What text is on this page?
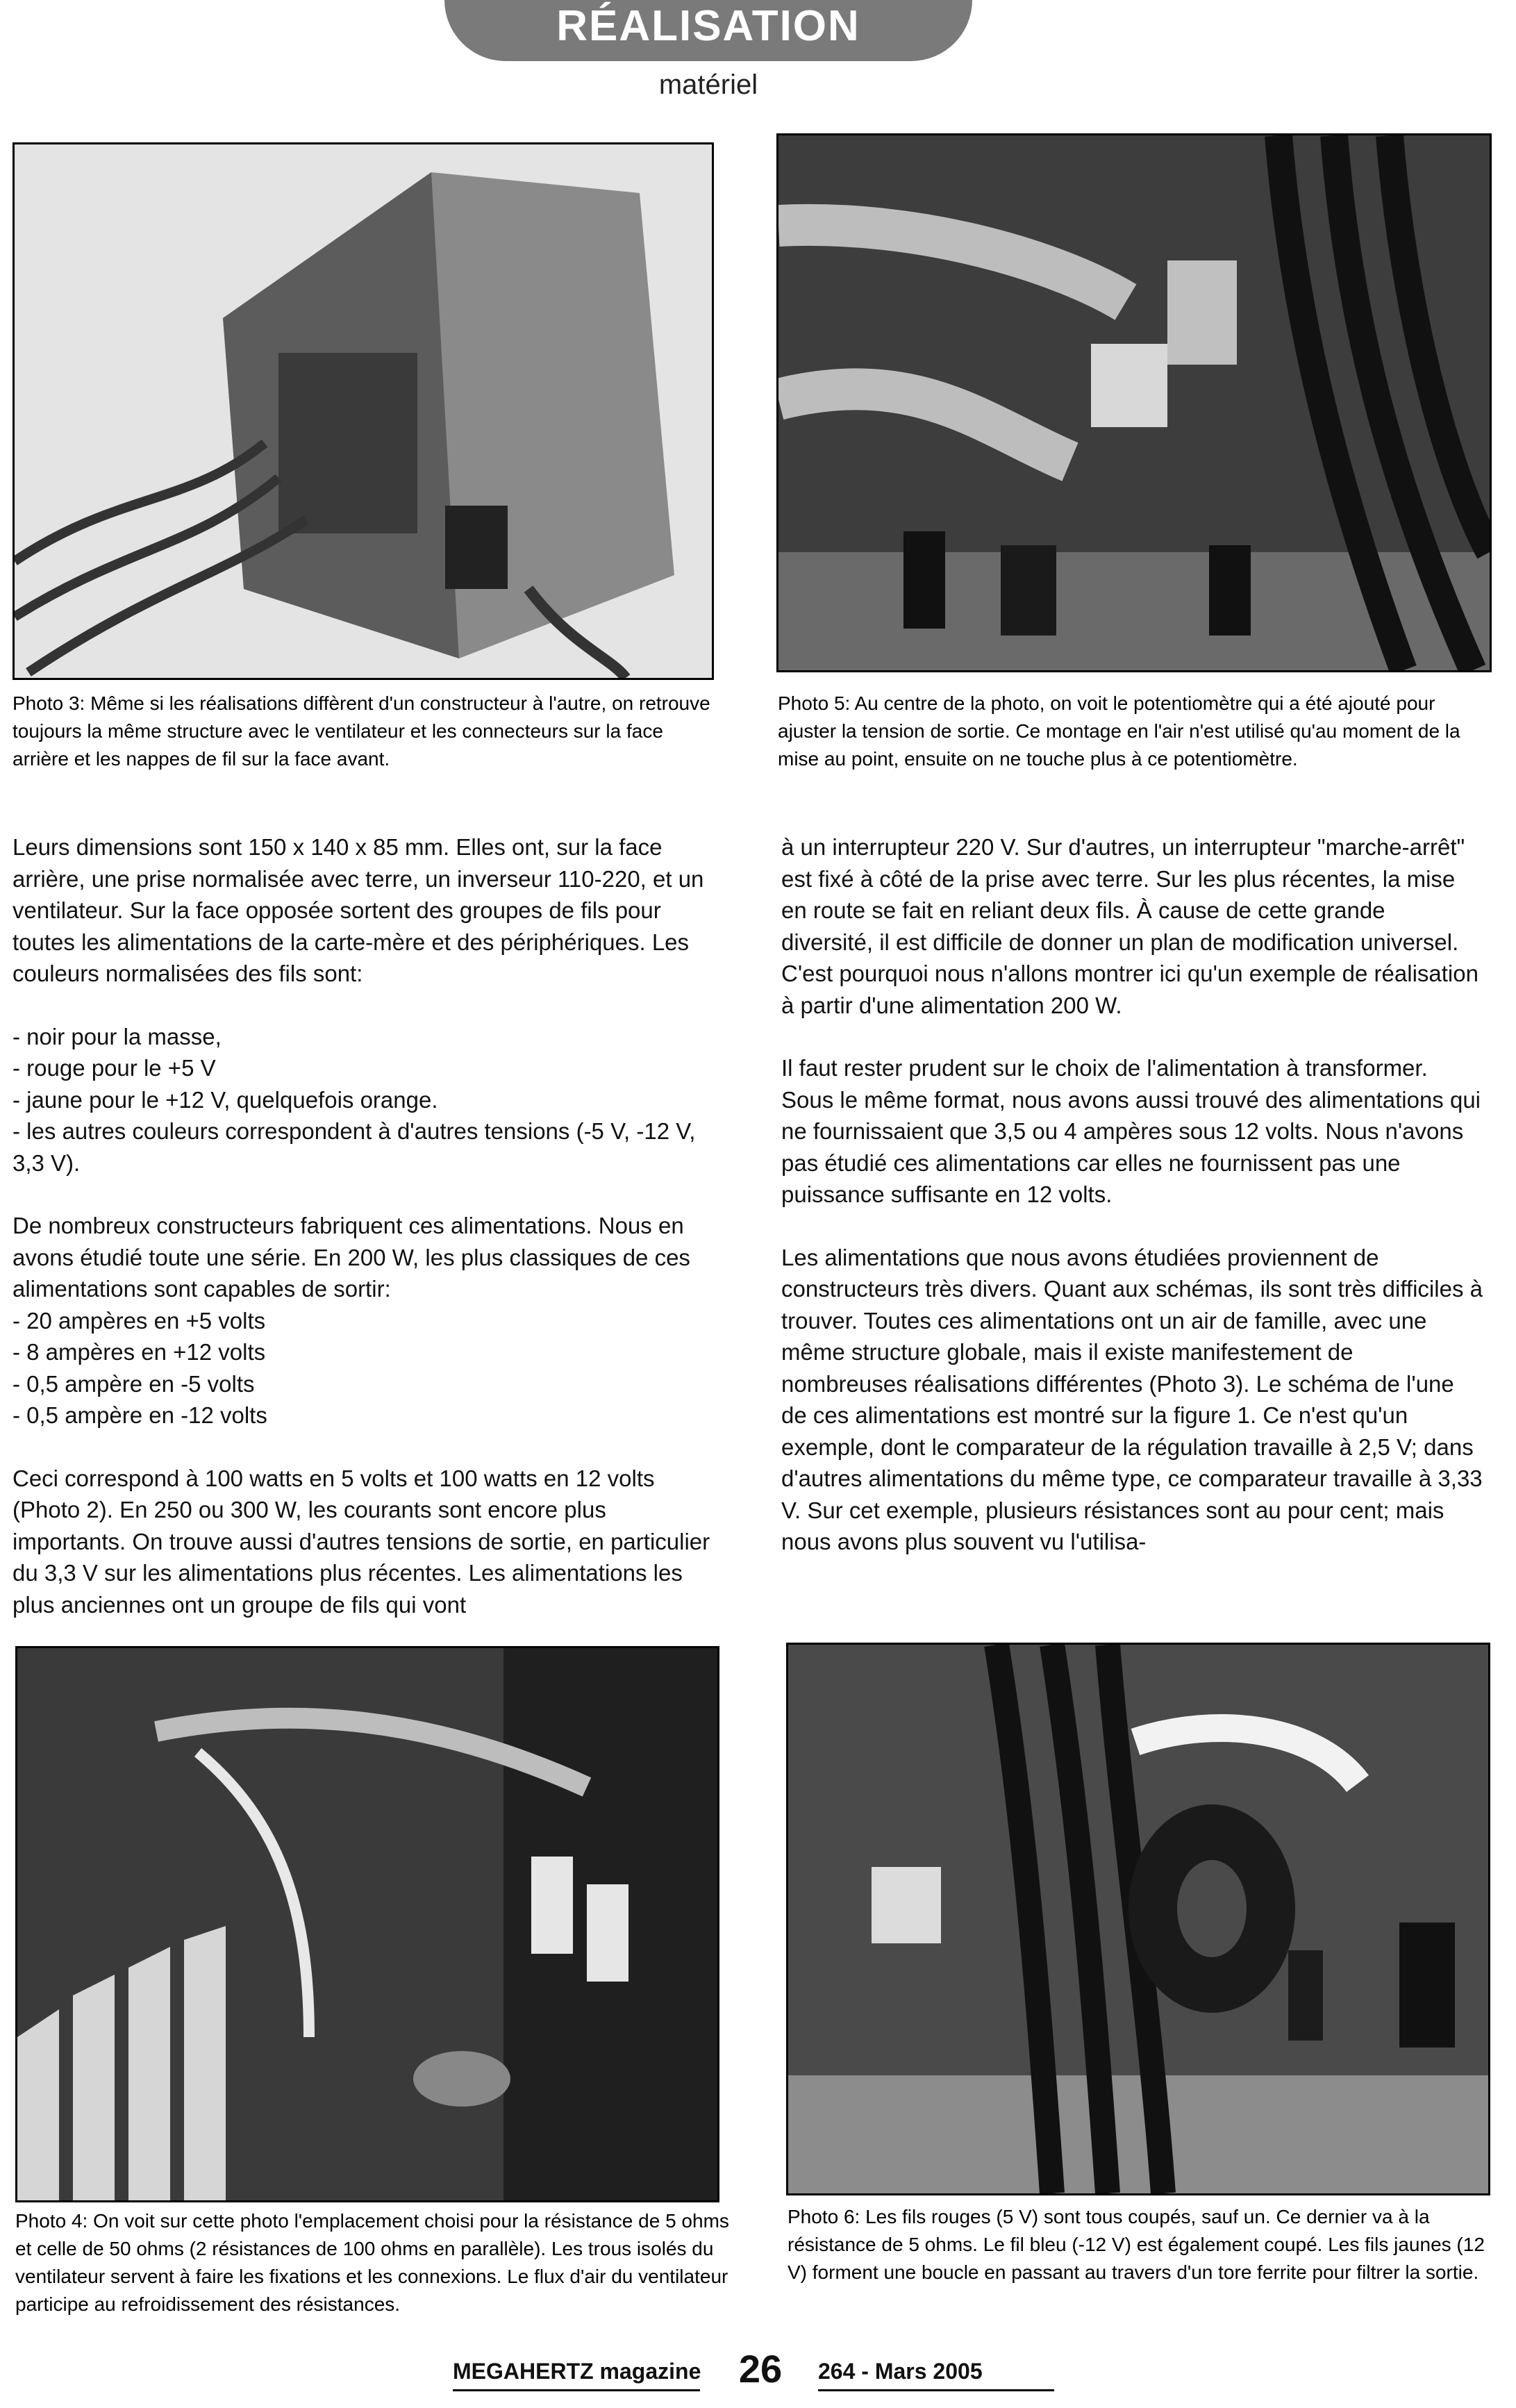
RÉALISATION
matériel
Photo 3: Même si les réalisations diffèrent d'un constructeur à l'autre, on retrouve toujours la même structure avec le ventilateur et les connecteurs sur la face arrière et les nappes de fil sur la face avant.
Photo 5: Au centre de la photo, on voit le potentiomètre qui a été ajouté pour ajuster la tension de sortie. Ce montage en l'air n'est utilisé qu'au moment de la mise au point, ensuite on ne touche plus à ce potentiomètre.

Leurs dimensions sont 150 x 140 x 85 mm. Elles ont, sur la face arrière, une prise normalisée avec terre, un inverseur 110-220, et un ventilateur. Sur la face opposée sortent des groupes de fils pour toutes les alimentations de la carte-mère et des périphériques. Les couleurs normalisées des fils sont:

- noir pour la masse,
- rouge pour le +5 V
- jaune pour le +12 V, quelquefois orange.
- les autres couleurs correspondent à d'autres tensions (-5 V, -12 V, 3,3 V).

De nombreux constructeurs fabriquent ces alimentations. Nous en avons étudié toute une série. En 200 W, les plus classiques de ces alimentations sont capables de sortir:

- 20 ampères en +5 volts
- 8 ampères en +12 volts
- 0,5 ampère en -5 volts
- 0,5 ampère en -12 volts

Ceci correspond à 100 watts en 5 volts et 100 watts en 12 volts (Photo 2). En 250 ou 300 W, les courants sont encore plus importants. On trouve aussi d'autres tensions de sortie, en particulier du 3,3 V sur les alimentations plus récentes. Les alimentations les plus anciennes ont un groupe de fils qui vont

à un interrupteur 220 V. Sur d'autres, un interrupteur "marche-arrêt" est fixé à côté de la prise avec terre. Sur les plus récentes, la mise en route se fait en reliant deux fils. À cause de cette grande diversité, il est difficile de donner un plan de modification universel. C'est pourquoi nous n'allons montrer ici qu'un exemple de réalisation à partir d'une alimentation 200 W.

Il faut rester prudent sur le choix de l'alimentation à transformer. Sous le même format, nous avons aussi trouvé des alimentations qui ne fournissaient que 3,5 ou 4 ampères sous 12 volts. Nous n'avons pas étudié ces alimentations car elles ne fournissent pas une puissance suffisante en 12 volts.

Les alimentations que nous avons étudiées proviennent de constructeurs très divers. Quant aux schémas, ils sont très difficiles à trouver. Toutes ces alimentations ont un air de famille, avec une même structure globale, mais il existe manifestement de nombreuses réalisations différentes (Photo 3). Le schéma de l'une de ces alimentations est montré sur la figure 1. Ce n'est qu'un exemple, dont le comparateur de la régulation travaille à 2,5 V; dans d'autres alimentations du même type, ce comparateur travaille à 3,33 V. Sur cet exemple, plusieurs résistances sont au pour cent; mais nous avons plus souvent vu l'utilisa-

Photo 4: On voit sur cette photo l'emplacement choisi pour la résistance de 5 ohms et celle de 50 ohms (2 résistances de 100 ohms en parallèle). Les trous isolés du ventilateur servent à faire les fixations et les connexions. Le flux d'air du ventilateur participe au refroidissement des résistances.
Photo 6: Les fils rouges (5 V) sont tous coupés, sauf un. Ce dernier va à la résistance de 5 ohms. Le fil bleu (-12 V) est également coupé. Les fils jaunes (12 V) forment une boucle en passant au travers d'un tore ferrite pour filtrer la sortie.
MEGAHERTZ magazine 26 264 - Mars 2005
